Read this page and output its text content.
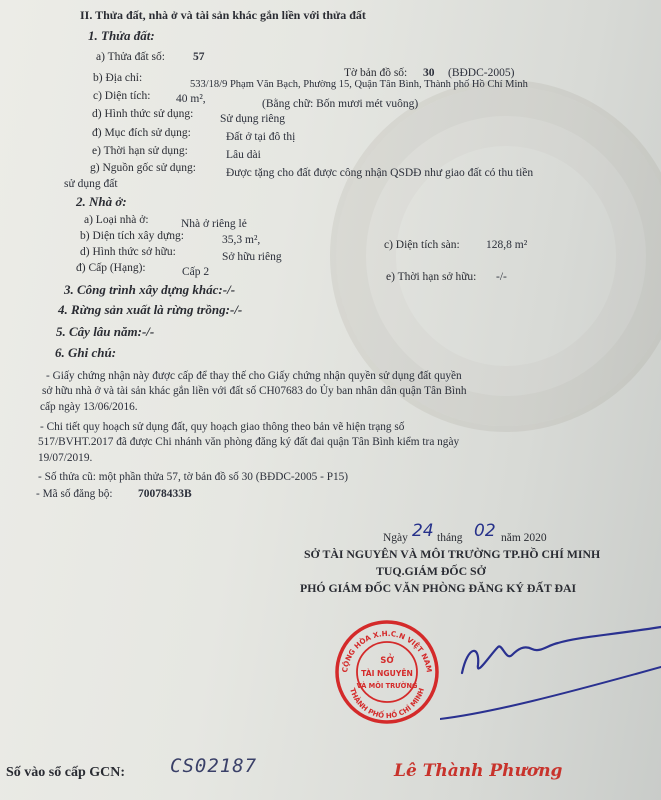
II. Thửa đất, nhà ở và tài sản khác gắn liền với thửa đất
1. Thửa đất:
a) Thửa đất số: 57
Tờ bản đồ số: 30 (BĐDC-2005)
b) Địa chỉ:
533/18/9 Phạm Văn Bạch, Phường 15, Quận Tân Bình, Thành phố Hồ Chí Minh
c) Diện tích: 40 m²,	(Bằng chữ: Bốn mươi mét vuông)
d) Hình thức sử dụng: Sử dụng riêng
đ) Mục đích sử dụng:	Đất ở tại đô thị
e) Thời hạn sử dụng:	Lâu dài
g) Nguồn gốc sử dụng:	Được tặng cho đất được công nhận QSDĐ như giao đất có thu tiền
sử dụng đất
2. Nhà ở:
a) Loại nhà ở:	Nhà ở riêng lẻ
b) Diện tích xây dựng:	35,3 m²,	c) Diện tích sàn: 128,8 m²
d) Hình thức sở hữu:	Sở hữu riêng
đ) Cấp (Hạng):	Cấp 2	e) Thời hạn sở hữu: -/-
3. Công trình xây dựng khác:-/-
4. Rừng sản xuất là rừng trồng:-/-
5. Cây lâu năm:-/-
6. Ghi chú:
- Giấy chứng nhận này được cấp để thay thế cho Giấy chứng nhận quyền sử dụng đất quyền
sở hữu nhà ở và tài sản khác gắn liền với đất số CH07683 do Ủy ban nhân dân quận Tân Bình
cấp ngày 13/06/2016.
- Chi tiết quy hoạch sử dụng đất, quy hoạch giao thông theo bản vẽ hiện trạng số
517/BVHT.2017 đã được Chi nhánh văn phòng đăng ký đất đai quận Tân Bình kiểm tra ngày
19/07/2019.
- Số thửa cũ: một phần thửa 57, tờ bản đồ số 30 (BĐDC-2005 - P15)
- Mã số đăng bộ: 70078433B
Ngày 24 tháng 02 năm 2020
SỞ TÀI NGUYÊN VÀ MÔI TRƯỜNG TP.HỒ CHÍ MINH
TUQ.GIÁM ĐỐC SỞ
PHÓ GIÁM ĐỐC VĂN PHÒNG ĐĂNG KÝ ĐẤT ĐAI
CỘNG HÒA X.H.C.N VIỆT NAM
THÀNH PHỐ HỒ CHÍ MINH
SỞ
TÀI NGUYÊN
VÀ MÔI TRƯỜNG
Lê Thành Phương
Số vào sổ cấp GCN: CS02187
